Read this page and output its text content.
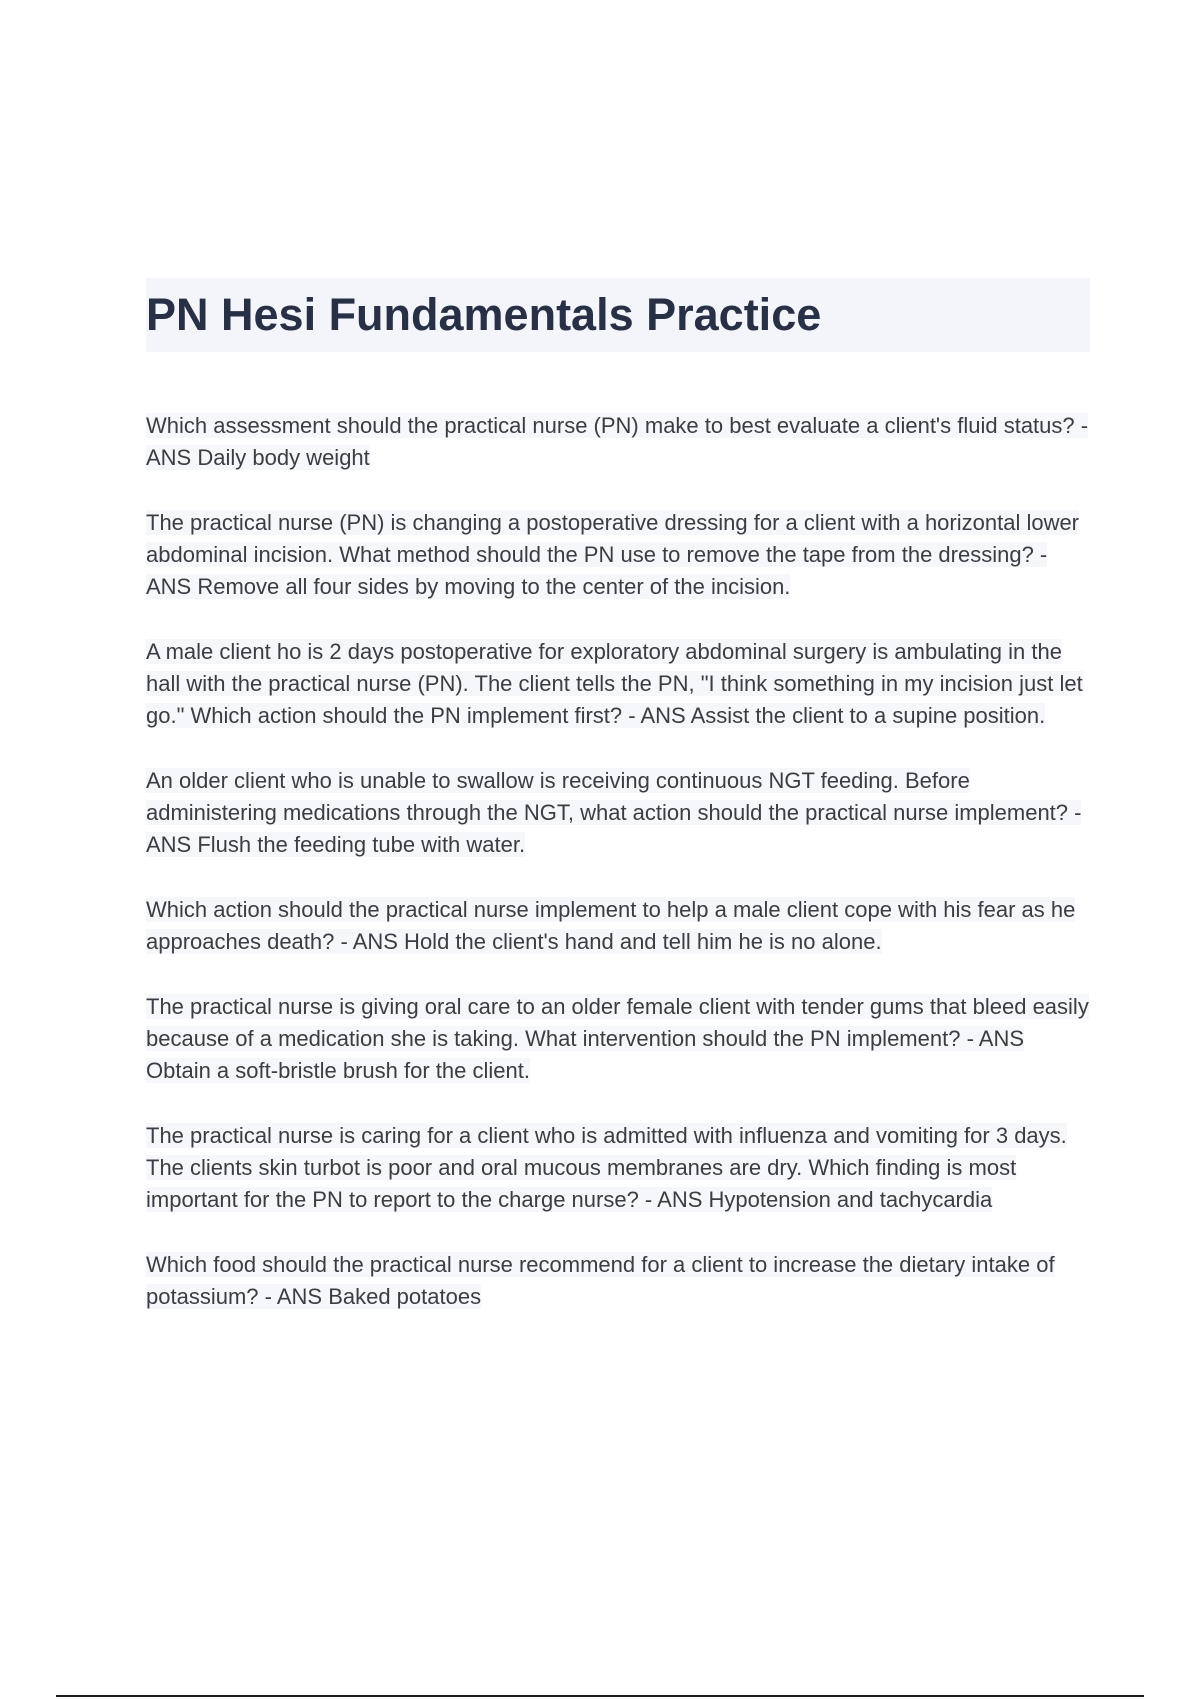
PN Hesi Fundamentals Practice

Which assessment should the practical nurse (PN) make to best evaluate a client's fluid status? - ANS Daily body weight

The practical nurse (PN) is changing a postoperative dressing for a client with a horizontal lower abdominal incision. What method should the PN use to remove the tape from the dressing? - ANS Remove all four sides by moving to the center of the incision.

A male client ho is 2 days postoperative for exploratory abdominal surgery is ambulating in the hall with the practical nurse (PN). The client tells the PN, "I think something in my incision just let go." Which action should the PN implement first? - ANS Assist the client to a supine position.

An older client who is unable to swallow is receiving continuous NGT feeding. Before administering medications through the NGT, what action should the practical nurse implement? - ANS Flush the feeding tube with water.

Which action should the practical nurse implement to help a male client cope with his fear as he approaches death? - ANS Hold the client's hand and tell him he is no alone.

The practical nurse is giving oral care to an older female client with tender gums that bleed easily because of a medication she is taking. What intervention should the PN implement? - ANS Obtain a soft-bristle brush for the client.

The practical nurse is caring for a client who is admitted with influenza and vomiting for 3 days. The clients skin turbot is poor and oral mucous membranes are dry. Which finding is most important for the PN to report to the charge nurse? - ANS Hypotension and tachycardia

Which food should the practical nurse recommend for a client to increase the dietary intake of potassium? - ANS Baked potatoes
